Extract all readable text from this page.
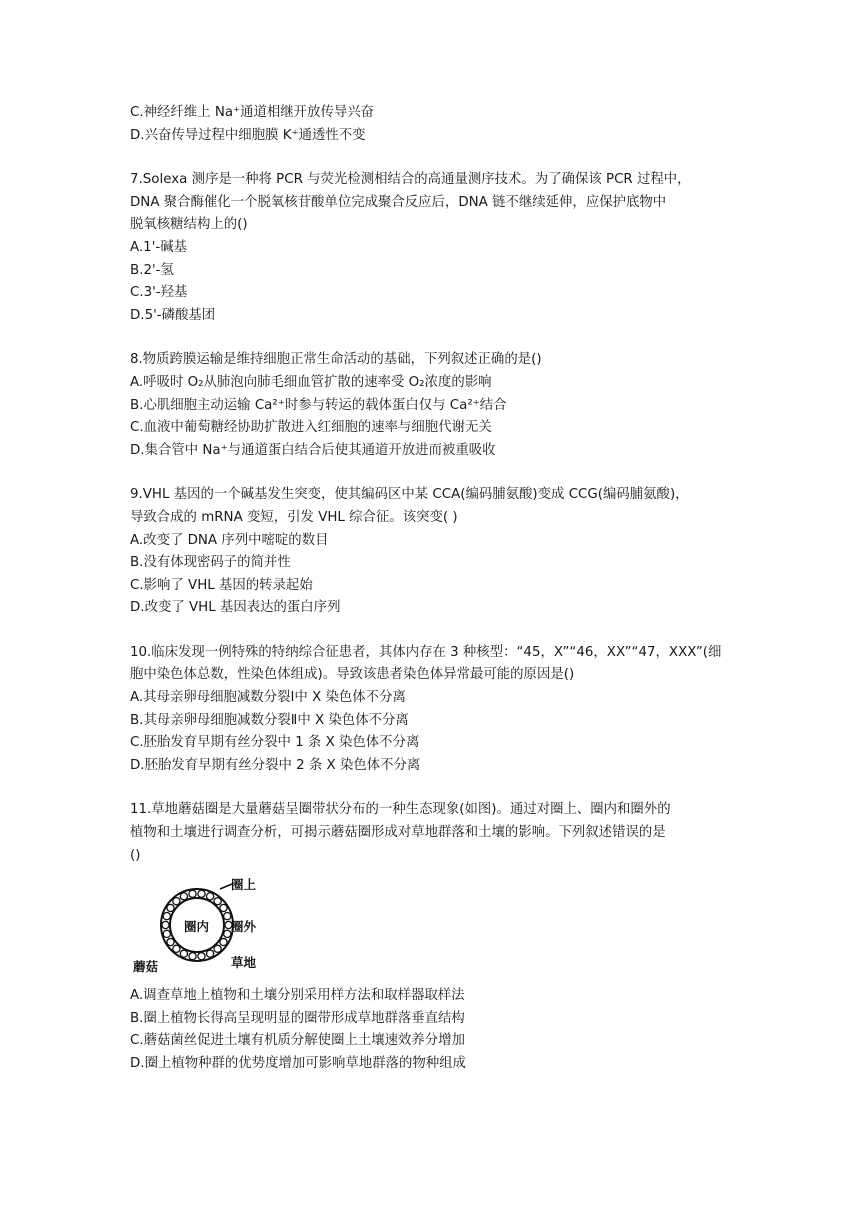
C.神经纤维上 Na⁺通道相继开放传导兴奋
D.兴奋传导过程中细胞膜 K⁺通透性不变
7.Solexa 测序是一种将 PCR 与荧光检测相结合的高通量测序技术。为了确保该 PCR 过程中，
DNA 聚合酶催化一个脱氧核苷酸单位完成聚合反应后，DNA 链不继续延伸，应保护底物中
脱氧核糖结构上的()
A.1'-碱基
B.2'-氢
C.3'-羟基
D.5'-磷酸基团
8.物质跨膜运输是维持细胞正常生命活动的基础，下列叙述正确的是()
A.呼吸时 O₂从肺泡向肺毛细血管扩散的速率受 O₂浓度的影响
B.心肌细胞主动运输 Ca²⁺时参与转运的载体蛋白仅与 Ca²⁺结合
C.血液中葡萄糖经协助扩散进入红细胞的速率与细胞代谢无关
D.集合管中 Na⁺与通道蛋白结合后使其通道开放进而被重吸收
9.VHL 基因的一个碱基发生突变，使其编码区中某 CCA(编码脯氨酸)变成 CCG(编码脯氨酸)，
导致合成的 mRNA 变短，引发 VHL 综合征。该突变( )
A.改变了 DNA 序列中嘧啶的数目
B.没有体现密码子的简并性
C.影响了 VHL 基因的转录起始
D.改变了 VHL 基因表达的蛋白序列
10.临床发现一例特殊的特纳综合征患者，其体内存在 3 种核型：“45，X”“46，XX”“47，XXX”(细
胞中染色体总数，性染色体组成)。导致该患者染色体异常最可能的原因是()
A.其母亲卵母细胞减数分裂Ⅰ中 X 染色体不分离
B.其母亲卵母细胞减数分裂Ⅱ中 X 染色体不分离
C.胚胎发育早期有丝分裂中 1 条 X 染色体不分离
D.胚胎发育早期有丝分裂中 2 条 X 染色体不分离
11.草地蘑菇圈是大量蘑菇呈圈带状分布的一种生态现象(如图)。通过对圈上、圈内和圈外的
植物和土壤进行调查分析，可揭示蘑菇圈形成对草地群落和土壤的影响。下列叙述错误的是
()
圈上
圈内 圈外
蘑菇	草地
A.调查草地上植物和土壤分别采用样方法和取样器取样法
B.圈上植物长得高呈现明显的圈带形成草地群落垂直结构
C.蘑菇菌丝促进土壤有机质分解使圈上土壤速效养分增加
D.圈上植物种群的优势度增加可影响草地群落的物种组成
